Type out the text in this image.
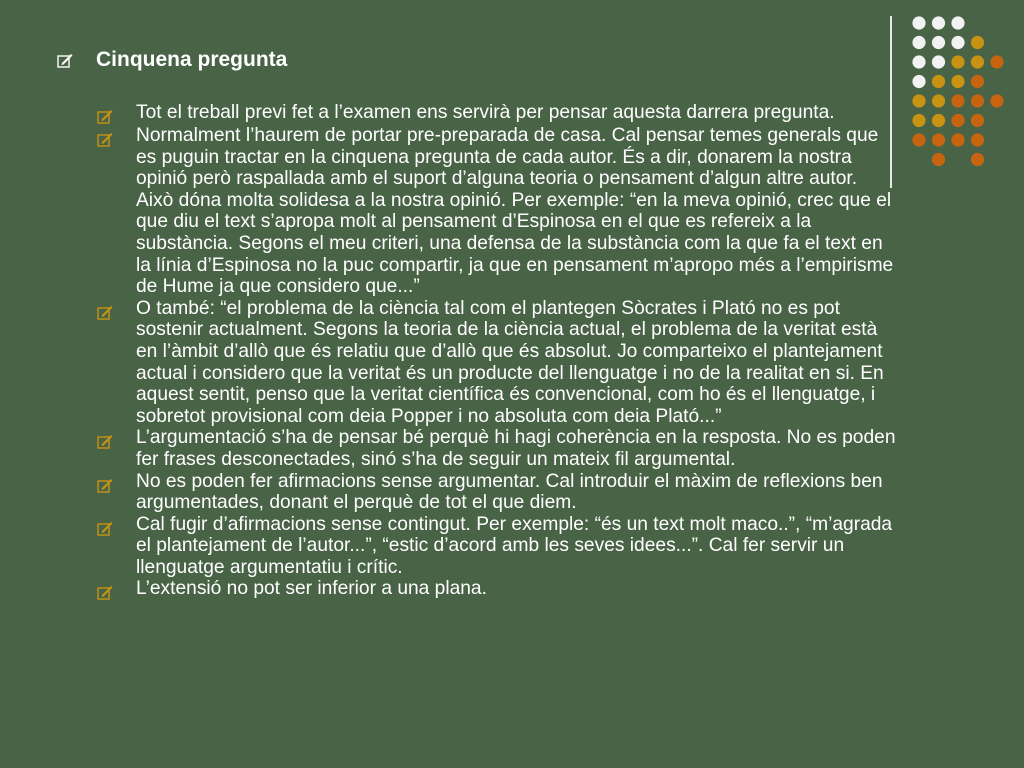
Cinquena pregunta
Tot el treball previ fet a l’examen ens servirà per pensar aquesta darrera pregunta.
Normalment l’haurem de portar pre-preparada de casa. Cal pensar temes generals que es puguin tractar en la cinquena pregunta de cada autor. És a dir, donarem la nostra opinió però raspallada amb el suport d’alguna teoria o pensament d’algun altre autor. Això dóna molta solidesa a la nostra opinió. Per exemple: “en la meva opinió, crec que el que diu el text s’apropa molt al pensament d’Espinosa en el que es refereix a la substància. Segons el meu criteri, una defensa de la substància com la que fa el text en la línia d’Espinosa no la puc compartir, ja que en pensament m’apropo més a l’empirisme de Hume ja que considero que...”
O també: “el problema de la ciència tal com el plantegen Sòcrates i Plató no es pot sostenir actualment. Segons la teoria de la ciència actual, el problema de la veritat està en l’àmbit d’allò que és relatiu que d’allò que és absolut. Jo comparteixo el plantejament actual i considero que la veritat és un producte del llenguatge i no de la realitat en si. En aquest sentit, penso que la veritat científica és convencional, com ho és el llenguatge, i sobretot provisional com deia Popper i no absoluta com deia Plató...”
L’argumentació s’ha de pensar bé perquè hi hagi coherència en la resposta. No es poden fer frases desconectades, sinó s’ha de seguir un mateix fil argumental.
No es poden fer afirmacions sense argumentar. Cal introduir el màxim de reflexions ben argumentades, donant el perquè de tot el que diem.
Cal fugir d’afirmacions sense contingut. Per exemple: “és un text molt maco..”, “m’agrada el plantejament de l’autor...”, “estic d’acord amb les seves idees...”. Cal fer servir un llenguatge argumentatiu i crític.
L’extensió no pot ser inferior a una plana.
